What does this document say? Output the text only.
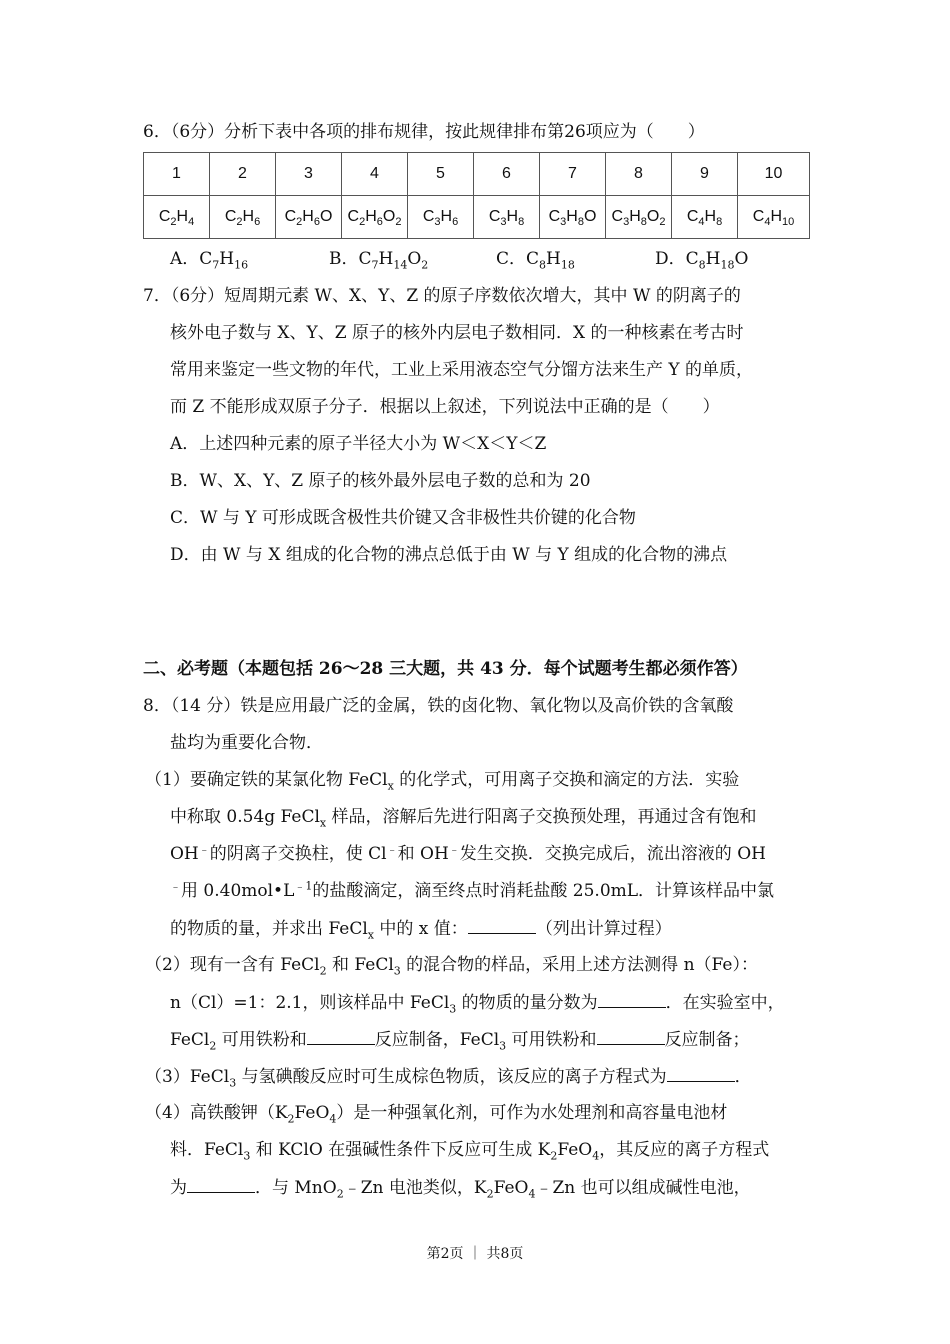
6．（6分）分析下表中各项的排布规律，按此规律排布第26项应为（　　）
1	2	3	4	5	6	7	8	9	10
$C_2H_4$	$C_2H_6$	$C_2H_6O$	$C_2H_6O_2$	$C_3H_6$	$C_3H_8$	$C_3H_8O$	$C_3H_8O_2$	$C_4H_8$	$C_4H_{10}$
A．$C_7H_{16}$	B．$C_7H_{14}O_2$	C．$C_8H_{18}$	D．$C_8H_{18}O$
7．（6分）短周期元素 W、X、Y、Z 的原子序数依次增大，其中 W 的阴离子的
核外电子数与 X、Y、Z 原子的核外内层电子数相同．X 的一种核素在考古时
常用来鉴定一些文物的年代，工业上采用液态空气分馏方法来生产 Y 的单质，
而 Z 不能形成双原子分子．根据以上叙述，下列说法中正确的是（　　）
A．上述四种元素的原子半径大小为 W＜X＜Y＜Z
B．W、X、Y、Z 原子的核外最外层电子数的总和为 20
C．W 与 Y 可形成既含极性共价键又含非极性共价键的化合物
D．由 W 与 X 组成的化合物的沸点总低于由 W 与 Y 组成的化合物的沸点
二、必考题（本题包括 26～28 三大题，共 43 分．每个试题考生都必须作答）
8．（14 分）铁是应用最广泛的金属，铁的卤化物、氧化物以及高价铁的含氧酸
盐均为重要化合物．
（1）要确定铁的某氯化物 FeCl$_x$ 的化学式，可用离子交换和滴定的方法．实验
中称取 0.54g FeCl$_x$ 样品，溶解后先进行阳离子交换预处理，再通过含有饱和
OH﹣的阴离子交换柱，使 Cl﹣和 OH﹣发生交换．交换完成后，流出溶液的 OH
﹣用 $0.40mol•L^{﹣1}$的盐酸滴定，滴至终点时消耗盐酸 25.0mL．计算该样品中氯
的物质的量，并求出 FeCl$_x$ 中的 x 值：	（列出计算过程）
（2）现有一含有 FeCl$_2$ 和 FeCl$_3$ 的混合物的样品，采用上述方法测得 n（Fe）：
n（Cl）=1：2.1，则该样品中 FeCl$_3$ 的物质的量分数为	．在实验室中，
FeCl$_2$ 可用铁粉和	反应制备，FeCl$_3$ 可用铁粉和	反应制备；
（3）FeCl$_3$ 与氢碘酸反应时可生成棕色物质，该反应的离子方程式为	．
（4）高铁酸钾$(K_2FeO_4)$是一种强氧化剂，可作为水处理剂和高容量电池材
料．FeCl$_3$ 和 KClO 在强碱性条件下反应可生成 $K_2FeO_4$，其反应的离子方程式
为	．与 MnO$_2$﹣Zn 电池类似，$K_2FeO_4﹣Zn$ 也可以组成碱性电池，
第2页 ｜ 共8页
